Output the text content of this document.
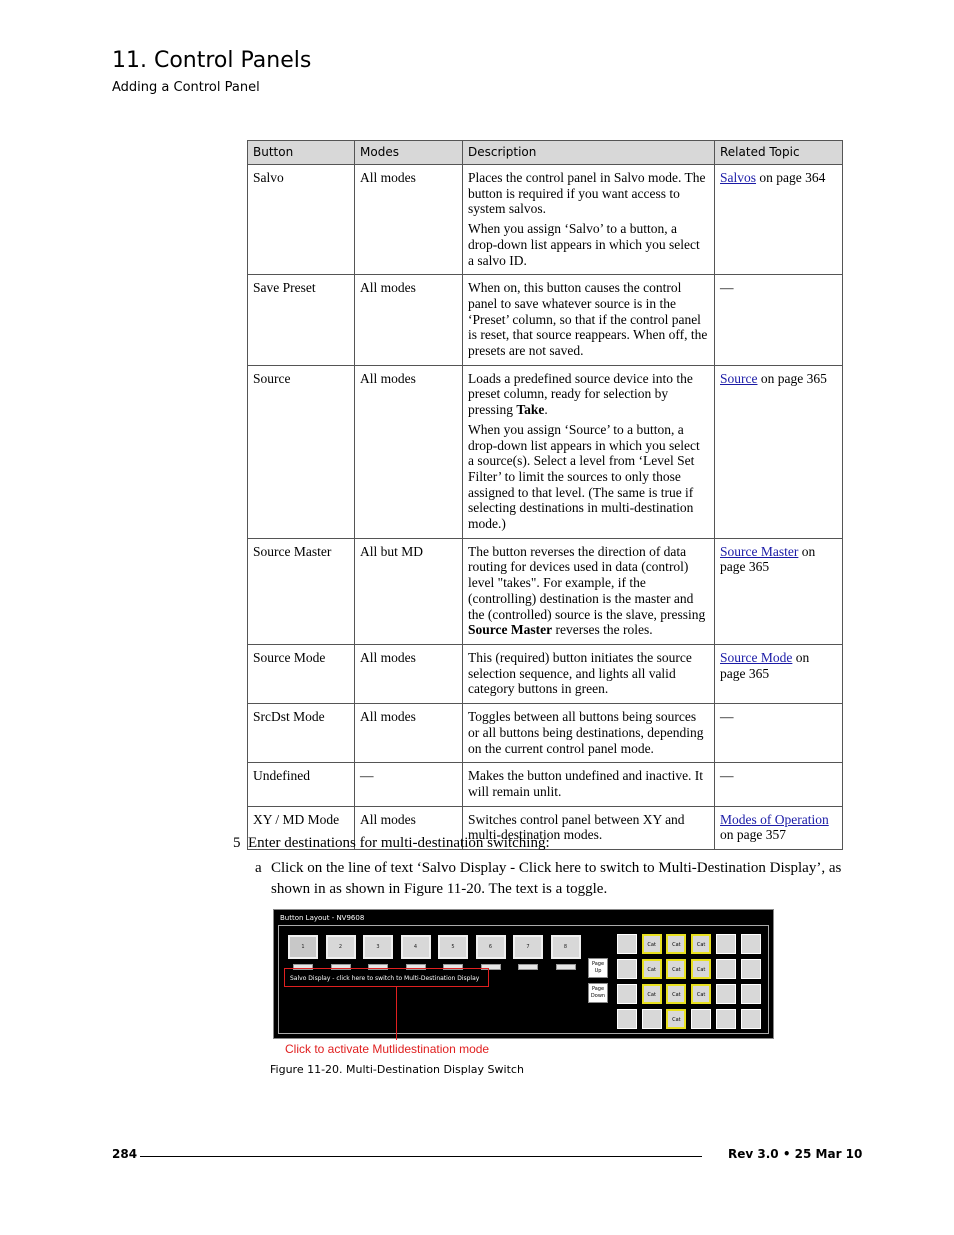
11. Control Panels
Adding a Control Panel
Button	Modes	Description	Related Topic
Salvo	All modes	Places the control panel in Salvo mode. The button is required if you want access to system salvos.

When you assign ‘Salvo’ to a button, a drop-down list appears in which you select a salvo ID.	Salvos on page 364
Save Preset	All modes	When on, this button causes the control panel to save whatever source is in the ‘Preset’ column, so that if the control panel is reset, that source reappears. When off, the presets are not saved.	—
Source	All modes	Loads a predefined source device into the preset column, ready for selection by pressing Take.

When you assign ‘Source’ to a button, a drop-down list appears in which you select a source(s). Select a level from ‘Level Set Filter’ to limit the sources to only those assigned to that level. (The same is true if selecting destinations in multi-destination mode.)	Source on page 365
Source Master	All but MD	The button reverses the direction of data routing for devices used in data (control) level "takes". For example, if the (controlling) destination is the master and the (controlled) source is the slave, pressing Source Master reverses the roles.	Source Master on page 365
Source Mode	All modes	This (required) button initiates the source selection sequence, and lights all valid category buttons in green.	Source Mode on page 365
SrcDst Mode	All modes	Toggles between all buttons being sources or all buttons being destinations, depending on the current control panel mode.	—
Undefined	—	Makes the button undefined and inactive. It will remain unlit.	—
XY / MD Mode	All modes	Switches control panel between XY and multi-destination modes.	Modes of Operation on page 357
5 Enter destinations for multi-destination switching:
a Click on the line of text ‘Salvo Display - Click here to switch to Multi-Destination Display’, as shown in as shown in Figure 11-20. The text is a toggle.
Button Layout - NV9608
1	2	3	4	5	6	7	8
Page Up
Page Down
Cat	Cat	Cat
Cat	Cat	Cat
Cat	Cat	Cat
Cat
Salvo Display - click here to switch to Multi-Destination Display
Click to activate Mutlidestination mode
Figure 11-20. Multi-Destination Display Switch
284	Rev 3.0 • 25 Mar 10
